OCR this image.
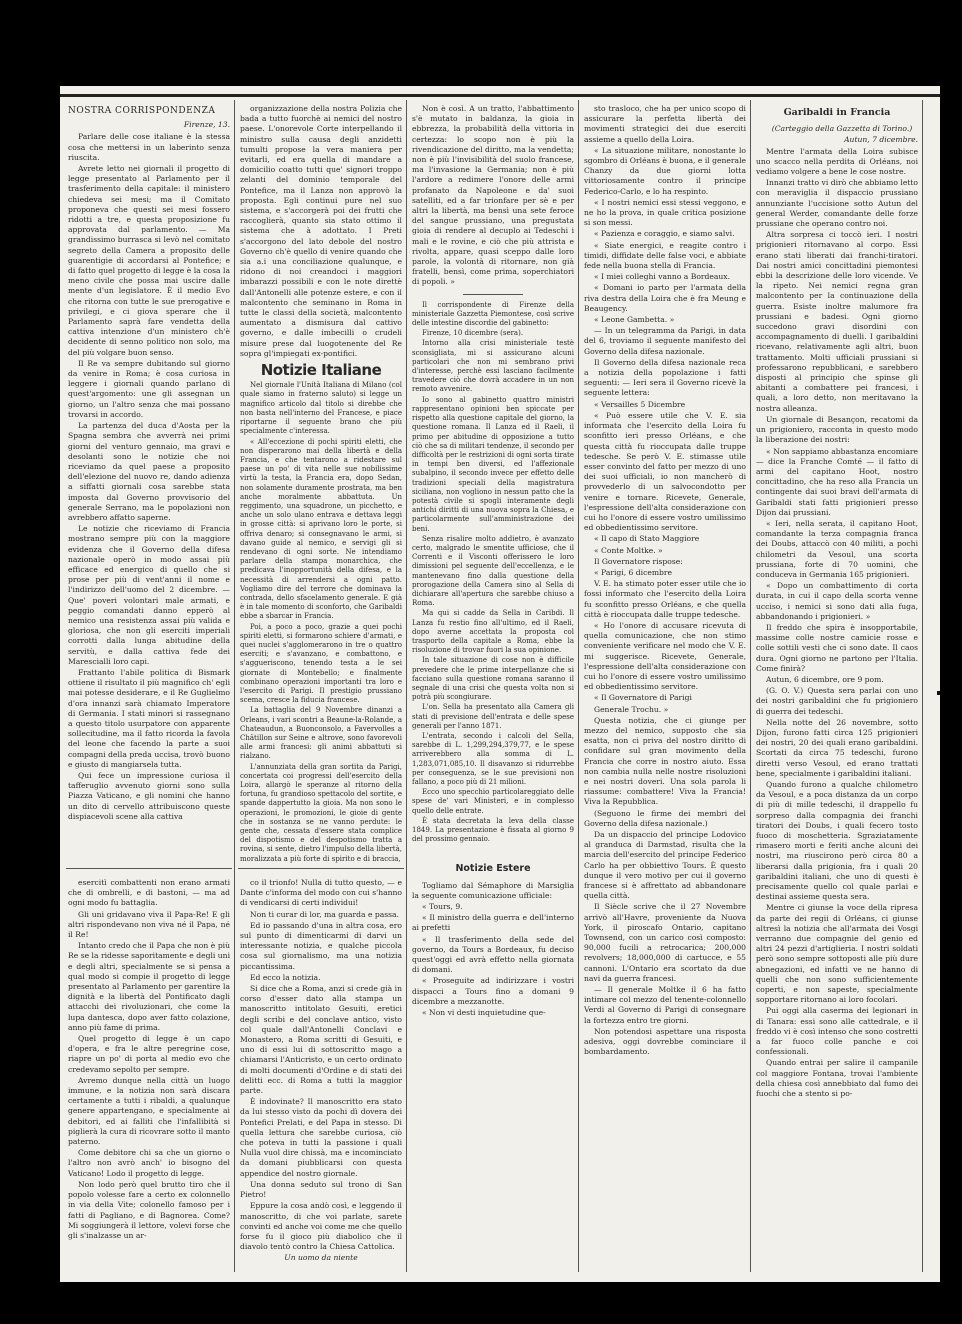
NOSTRA CORRISPONDENZA
Firenze, 13.

Parlare delle cose italiane è la stessa cosa che mettersi in un laberinto senza riuscita.

Avrete letto nei giornali il progetto di legge presentato al Parlamento per il trasferimento della capitale: il ministero chiedeva sei mesi; ma il Comitato proponeva che questi sei mesi fossero ridotti a tre, e questa proposizione fu approvata dal parlamento. — Ma grandissimo burrasca si levò nel comitato segreto della Camera a proposito delle guarentigie di accordarsi al Pontefice; e di fatto quel progetto di legge è la cosa la meno civile che possa mai uscire dalle mente d'un legislatore. È il medio Evo che ritorna con tutte le sue prerogative e privilegi, e ci giova sperare che il Parlamento saprà fare vendetta della cattiva intenzione d'un ministero ch'è decidente di senno politico non solo, ma del più volgare buon senso.

Il Re va sempre dubitando sul giorno da venire in Roma; è cosa curiosa in leggere i giornali quando parlano di quest'argomento: une gli assegnan un giorno, un l'altro senza che mai possano trovarsi in accordo.

La partenza del duca d'Aosta per la Spagna sembra che avverrà nei primi giorni del venturo gennaio, ma gravi e desolanti sono le notizie che noi riceviamo da quel paese a proposito dell'elezione del nuovo re, dando adienza a siffatti giornali cosa sarebbe stata imposta dal Governo provvisorio del generale Serrano, ma le popolazioni non avrebbero affatto saperne.

Le notizie che riceviamo di Francia mostrano sempre più con la maggiore evidenza che il Governo della difesa nazionale operò in modo assai più efficace ed energico di quello che si prose per più di vent'anni il nome e l'indirizzo dell'uomo del 2 dicembre. — Que' poveri volontari male armati, e peggio comandati danno epperò al nemico una resistenza assai più valida e gloriosa, che non gli eserciti imperiali corrotti dalla lunga abitudine della servitù, e dalla cattiva fede dei Marescialli loro capi.

Frattanto l'abile politica di Bismark ottiene il risultato il più magnifico ch' egli mai potesse desiderare, e il Re Guglielmo d'ora innanzi sarà chiamato Imperatore di Germania. I stati minori si rassegnano a questo titolo usurpatore con apparente sollecitudine, ma il fatto ricorda la favola del leone che facendo la parte a suoi compagni della preda uccisa, trovò buono e giusto di mangiarsela tutta.

Qui fece un impressione curiosa il tafferuglio avvenuto giorni sono sulla Piazza Vaticano, e gli nomini che hanno un dito di cervello attribuiscono queste dispiacevoli scene alla cattiva

esercitì combattenti non erano armati che di ombrelli, e di bastoni, — ma ad ogni modo fu battaglia.

Gli uni gridavano viva il Papa-Re! E gli altri rispondevano non viva né il Papa, né il Re!

Intanto credo che il Papa che non è più Re se la ridesse saporitamente e degli uni e degli altri, specialmente se si pensa a qual modo si compie il progetto di legge presentato al Parlamento per garentire la dignità e la libertà del Pontificato dagli attacchi dei rivoluzionari, che come la lupa dantesca, dopo aver fatto colazione, anno più fame di prima.

Quel progetto di legge è un capo d'opera, e fra le altre peregrine cose, riapre un po' di porta al medio evo che credevamo sepolto per sempre.

Avremo dunque nella città un luogo immune, e la notizia non sarà discara certamente a tutti i ribaldi, a qualunque genere appartengano, e specialmente ai debitori, ed ai falliti che l'infallibità si piglierà la cura di ricovrare sotto il manto paterno.

Come debitore chi sa che un giorno o l'altro non avrò anch' io bisogno del Vaticano! Lodo il progetto di legge.

Non lodo però quel brutto tiro che il popolo volesse fare a certo ex colonnello in via della Vite; colonello famoso per i fatti di Pagliano, e di Bagnorea. Come? Mi soggiungerà il lettore, volevi forse che gli s'inalzasse un ar-

organizzazione della nostra Polizia che bada a tutto fuorchè ai nemici del nostro paese. L'onorevole Corte interpellando il ministro sulla causa degli anzidetti tumulti propose la vera maniera per evitarli, ed era quella di mandare a domicilio coatto tutti que' signori troppo zelanti del dominio temporale del Pontefice, ma il Lanza non approvò la proposta. Egli continui pure nel suo sistema, e s'accorgerà poi dei frutti che raccoglierà, quanto sia stato ottimo il sistema che à adottato. I Preti s'accorgono del lato debole del nostro Governo ch'è quello di venire quando che sia a.i una conciliazione qualunque, e ridono di noi creandoci i maggiori imbarazzi possibili e con le note direttè dall'Antonelli alle potenze estere, e con il malcontento che seminano in Roma in tutte le classi della società, malcontento aumentato a dismisura dal cattivo governo, e dalle imbecilli o crudeli misure prese dal luogotenente del Re sopra gl'impiegati ex-pontifici.

Notizie Italiane

Nel giornale l'Unità Italiana di Milano (col quale siamo in fraterno saluto) si legge un magnifico articolo dal titolo si direbbe che non basta nell'interno del Francese, e piace riportarne il seguente brano che più specialmente c'interessa.

« All'eccezione di pochi spiriti eletti, che non disperarono mai della libertà e della Francia, e che tentarono a ridestare sul paese un po' di vita nelle sue nobilissime virtù la testa, la Francia era, dopo Sedan, non solamente duramente prostrata, ma ben anche moralmente abbattuta. Un reggimento, una squadrone, un picchetto, e anche un solo ulano entrava e dettava leggi in grosse città: si aprivano loro le porte, si offriva denaro; si consegnavano le armi, si davano guide al nemico, e servigi gli si rendevano di ogni sorte. Ne intendiamo parlare della stampa monarchica, che predicava l'inopportunità della difesa, e la necessità di arrendersi a ogni patto. Vogliamo dire del terrore che dominava la contrada, dello sfacelamento generale. E già è in tale momento di sconforto, che Garibaldi ebbe a sbarcar in Francia.

Poi, a poco a poco, grazie a quei pochi spiriti eletti, si formarono schiere d'armati, e quei nuclei s'agglomerarono in tre o quattro eserciti; e s'avanzano, e combattono, e s'aggueriscono, tenendo testa a le sei giornate di Montebello; e finalmente combinano operazioni importanti tra loro e l'esercito di Parigi. Il prestigio prussiano scema, cresce la fiducia francese.

La battaglia del 9 Novembre dinanzi a Orleans, i vari scontri a Beaune-la-Rolande, a Chateaudun, a Buonconsolo, a Favervolles a Châtillon sur Seine e altrove, sono favorevoli alle armi francesi: gli animi abbattuti si rialzano.

L'annunziata della gran sortita da Parigi, concertata coi progressi dell'esercito della Loira, allargò le speranze al ritorno della fortuna, fu grandioso spettacolo del sortite, e spande dappertutto la gioia. Ma non sono le operazioni, le promozioni, le gioie di gente che in sostanza se ne vanno perdute: le gente che, cessata d'essere stata complice del dispotismo e del despotismo tratta a rovina, si sente, dietro l'impulso della libertà, moralizzata a più forte di spirito e di braccia,

co il trionfo! Nulla di tutto questo, — e Dante c'informa del modo con cui s'hanno di vendicarsi di certi individui!

Non ti curar di lor, ma guarda e passa.

Ed io passando d'una in altra cosa, ero sul punto di dimenticarmi di darvi un interessante notizia, e qualche piccola cosa sul giornalismo, ma una notizia piccantissima.

Ed ecco la notizia.

Si dice che a Roma, anzi si crede già in corso d'esser dato alla stampa un manoscritto intitolato Gesuiti, eretici degli scribi e del conclave antico, visto col quale dall'Antonelli Conclavi e Monastero, a Roma scritti di Gesuiti, e uno di essi lui di sottoscritto mago a chiamarsi l'Anticristo, e un certo ordinato di molti documenti d'Ordine e di stati dei delitti ecc. di Roma a tutti la maggior parte.

È indovinate? Il manoscritto era stato da lui stesso visto da pochi dì dovera dei Pontefici Prelati, e del Papa in stesso. Di quella lettura che sarebbe curiosa, ciò che poteva in tutti la passione i quali Nulla vuol dire chissà, ma e incominciato da domani piubblicarsi con questa appendice del nostro giornale.

Una donna seduto sul trono di San Pietro!

Eppure la cosa andò così, e leggendo il manoscritto, di che voi parlate, sarete convinti ed anche voi come me che quello forse fu il gioco più diabolico che il diavolo tentò contro la Chiesa Cattolica.

Un uomo da niente

Non è così. A un tratto, l'abbattimento s'è mutato in baldanza, la gioia in ebbrezza, la probabilità della vittoria in certezza: lo scopo non è più la rivendicazione del diritto, ma la vendetta; non è più l'invisibilità del suolo francese, ma l'invasione la Germania; non è più l'ardore a redimere l'onore delle armi profanato da Napoleone e da' suoi satelliti, ed a far trionfare per sè e per altri la libertà, ma bensì una sete feroce del sangue prussiano, una pregustata gioia di rendere al decuplo ai Tedeschi i mali e le rovine, e ciò che più attrista e rivolta, appare, quasi sceppo dalle loro parole, la volontà di ritornare, non già fratelli, bensì, come prima, soperchiatori di popoli. »

Il corrispondente di Firenze della ministeriale Gazzetta Piemontese, così scrive delle intestine discordie del gabinetto:

Firenze, 10 dicembre (sera).

Intorno alla crisi ministeriale testè sconsigliata, mi si assicurano alcuni particolari che non mi sembrano privi d'interesse, perchè essi lasciano facilmente travedere ciò che dovrà accadere in un non remoto avvenire.

Io sono al gabinetto quattro ministri rappresentano opinioni ben spiccate per rispetto alla questione capitale del giorno, la questione romana. Il Lanza ed il Raeli, il primo per abitudine di opposizione a tutto ciò che sa di militari tendenze, il secondo per difficoltà per le restrizioni di ogni sorta tirate in tempi ben diversi, ed l'affezionale subalpino, il secondo invece per effetto delle tradizioni speciali della magistratura siciliana, non vogliono in nessun patto che la potestà civile si spogli interamente degli antichi diritti di una nuova sopra la Chiesa, e particolarmente sull'amministrazione dei beni.

Senza risalire molto addietro, è avanzato certo, malgrado le smentite ufficiose, che il Correnti e il Visconti offerissero le loro dimissioni pel seguente dell'eccellenza, e le mantenevano fino dalla questione della prorogazione della Camera sino al Sella di dichiarare all'apertura che sarebbe chiuso a Roma.

Ma qui si cadde da Sella in Caribdi. Il Lanza fu restio fino all'ultimo, ed il Raeli, dopo averne accettata la proposta col trasporto della capitale a Roma, ebbe la risoluzione di trovar fuori la sua opinione.

In tale situazione di cose non è difficile prevedere che le prime interpellanze che si facciano sulla questione romana saranno il segnale di una crisi che questa volta non si potrà più scongiurare.

L'on. Sella ha presentato alla Camera gli stati di previsione dell'entrata e delle spese generali per l'anno 1871.

L'entrata, secondo i calcoli del Sella, sarebbe di L. 1,299,294,379,77, e le spese arriverebbero alla somma di L. 1,283,071,085,10. Il disavanzo si ridurrebbe per conseguenza, se le sue previsioni non fallano, a poco più di 21 milioni.

Ecco uno specchio particolareggiato delle spese de' vari Ministeri, e in complesso quello delle entrate.

È stata decretata la leva della classe 1849. La presentazione è fissata al giorno 9 del prossimo gennaio.

Notizie Estere

Togliamo dal Sémaphore di Marsiglia la seguente comunicazione ufficiale:

« Tours, 9.

« Il ministro della guerra e dell'interno ai prefetti

« Il trasferimento della sede del governo, da Tours a Bordeaux, fu deciso quest'oggi ed avrà effetto nella giornata di domani.

« Proseguite ad indirizzare i vostri dispacci a Tours fino a domani 9 dicembre a mezzanotte.

« Non vi desti inquietudine que-

sto trasloco, che ha per unico scopo di assicurare la perfetta libertà dei movimenti strategici dei due eserciti assieme a quello della Loira.

« La situazione militare, nonostante lo sgombro di Orléans è buona, e il generale Chanzy da due giorni lotta vittoriosamente contro il principe Federico-Carlo, e lo ha respinto.

« I nostri nemici essi stessi veggono, e ne ho la prova, in quale critica posizione si son messi.

« Pazienza e coraggio, e siamo salvi.

« Siate energici, e reagite contro i timidi, diffidate delle false voci, e abbiate fede nella buona stella di Francia.

« I miei colleghi vanno a Bordeaux.

« Domani io parto per l'armata della riva destra della Loira che è fra Meung e Beaugency.

« Leone Gambetta. »

— In un telegramma da Parigi, in data del 6, troviamo il seguente manifesto del Governo della difesa nazionale.

Il Governo della difesa nazionale reca a notizia della popolazione i fatti seguenti: — Ieri sera il Governo ricevè la seguente lettera:

« Versailles 5 Dicembre

« Può essere utile che V. E. sia informata che l'esercito della Loira fu sconfitto ieri presso Orléans, e che questa città fu rioccupata dalle truppe tedesche. Se però V. E. stimasse utile esser convinto del fatto per mezzo di uno dei suoi ufficiali, io non mancherò di provvederlo di un salvocondotto per venire e tornare. Ricevete, Generale, l'espressione dell'alta considerazione con cui ho l'onore di essere vostro umilissimo ed obbedientissimo servitore.

« Il capo di Stato Maggiore

« Conte Moltke. »

Il Governatore rispose:

« Parigi, 6 dicembre

V. E. ha stimato poter esser utile che io fossi informato che l'esercito della Loira fu sconfitto presso Orléans, e che quella città è rioccupata dalle truppe tedesche.

« Ho l'onore di accusare ricevuta di quella comunicazione, che non stimo conveniente verificare nel modo che V. E. mi suggerisce. Ricevete, Generale, l'espressione dell'alta considerazione con cui ho l'onore di essere vostro umilissimo ed obbedientissimo servitore.

« Il Governatore di Parigi

Generale Trochu. »

Questa notizia, che ci giunge per mezzo del nemico, supposto che sia esatta, non ci priva del nostro diritto di confidare sul gran movimento della Francia che corre in nostro aiuto. Essa non cambia nulla nelle nostre risoluzioni e nei nostri doveri. Una sola parola li riassume: combattere! Viva la Francia! Viva la Repubblica.

(Seguono le firme dei membri del Governo della difesa nazionale.)

Da un dispaccio del principe Lodovico al granduca di Darmstad, risulta che la marcia dell'esercito del principe Federico Carlo ha per obbiettivo Tours. È questo dunque il vero motivo per cui il governo francese si è affrettato ad abbandonare quella città.

Il Siècle scrive che il 27 Novembre arrivò all'Havre, proveniente da Nuova York, il piroscafo Ontario, capitano Townsend, con un carico così composto: 90,000 fucili a retrocarica; 200,000 revolvers; 18,000,000 di cartucce, e 55 cannoni. L'Ontario era scortato da due navi da guerra francesi.

— Il generale Moltke il 6 ha fatto intimare col mezzo del tenente-colonnello Verdi al Governo di Parigi di consegnare la fortezza entro tre giorni.

Non potendosi aspettare una risposta adesiva, oggi dovrebbe cominciare il bombardamento.

Garibaldi in Francia

(Carteggio della Gazzetta di Torino.)

Autun, 7 dicembre.

Mentre l'armata della Loira subisce uno scacco nella perdita di Orléans, noi vediamo volgere a bene le cose nostre.

Innanzi tratto vi dirò che abbiamo letto con meraviglia il dispaccio prussiano annunziante l'uccisione sotto Autun del general Werder, comandante delle forze prussiane che operano contro noi.

Altra sorpresa ci toccò ieri. I nostri prigionieri ritornavano al corpo. Essi erano stati liberati dai franchi-tiratori. Dai nostri amici concittadini piemontesi ebbi la descrizione delle loro vicende. Ve la ripeto. Nei nemici regna gran malcontento per la continuazione della guerra. Esiste inoltre malumore fra prussiani e badesi. Ogni giorno succedono gravi disordini con accompagnamento di duelli. I garibaldini ricevano, relativamente agli altri, buon trattamento. Molti ufficiali prussiani si professarono repubblicani, e sarebbero disposti al principio che spinse gli abitanti a combattere pei francesi, i quali, a loro detto, non meritavano la nostra alleanza.

Un giornale di Besançon, recatomi da un prigioniero, racconta in questo modo la liberazione dei nostri:

« Non sappiamo abbastanza encomiare — dice la Franche Comté — il fatto di armi del capitano Hoot, nostro concittadino, che ha reso alla Francia un contingente dai suoi bravi dell'armata di Garibaldi stati fatti prigionieri presso Dijon dai prussiani.

« Ieri, nella serata, il capitano Hoot, comandante la terza compagnia franca dei Doubs, attaccò con 40 militi, a pochi chilometri da Vesoul, una scorta prussiana, forte di 70 uomini, che conduceva in Germania 165 prigionieri.

« Dopo un combattimento di corta durata, in cui il capo della scorta venne ucciso, i nemici si sono dati alla fuga, abbandonando i prigionieri. »

Il freddo che spira è insopportabile, massime colle nostre camicie rosse e colle sottili vesti che ci sono date. Il caos dura. Ogni giorno ne partono per l'Italia. Come finirà?

Autun, 6 dicembre, ore 9 pom.

(G. O. V.) Questa sera parlai con uno dei nostri garibaldini che fu prigioniero di guerra dei tedeschi.

Nella notte del 26 novembre, sotto Dijon, furono fatti circa 125 prigionieri dei nostri, 20 dei quali erano garibaldini. Scortati da circa 75 tedeschi, furono diretti verso Vesoul, ed erano trattati bene, specialmente i garibaldini italiani.

Quando furono a qualche chilometro da Vesoul, e a poca distanza da un corpo di più di mille tedeschi, il drappello fu sorpreso dalla compagnia dei franchi tiratori dei Doubs, i quali fecero tosto fuoco di moschetteria. Sgraziatamente rimasero morti e feriti anche alcuni dei nostri, ma riuscirono però circa 80 a liberarsi dalla prigionia, fra i quali 20 garibaldini italiani, che uno di questi è precisamente quello col quale parlai e destinai assieme questa sera.

Mentre ci giunse la voce della ripresa da parte dei regii di Orléans, ci giunse altresì la notizia che all'armata dei Vosgi verranno due compagnie del genio ed altri 24 pezzi d'artiglieria. I nostri soldati però sono sempre sottoposti alle più dure abnegazioni, ed infatti ve ne hanno di quelli che non sono sufficientemente coperti, e non sapeste, specialmente sopportare ritornano ai loro focolari.

Pui oggi alla caserma dei legionari in di Tanara: essi sono alle cattedrale, e il freddo vi è così intenso che sono costretti a far fuoco colle panche e coi confessionali.

Quando entrai per salire il campanile col maggiore Fontana, trovai l'ambiente della chiesa così annebbiato dal fumo dei fuochi che a stento si po-
